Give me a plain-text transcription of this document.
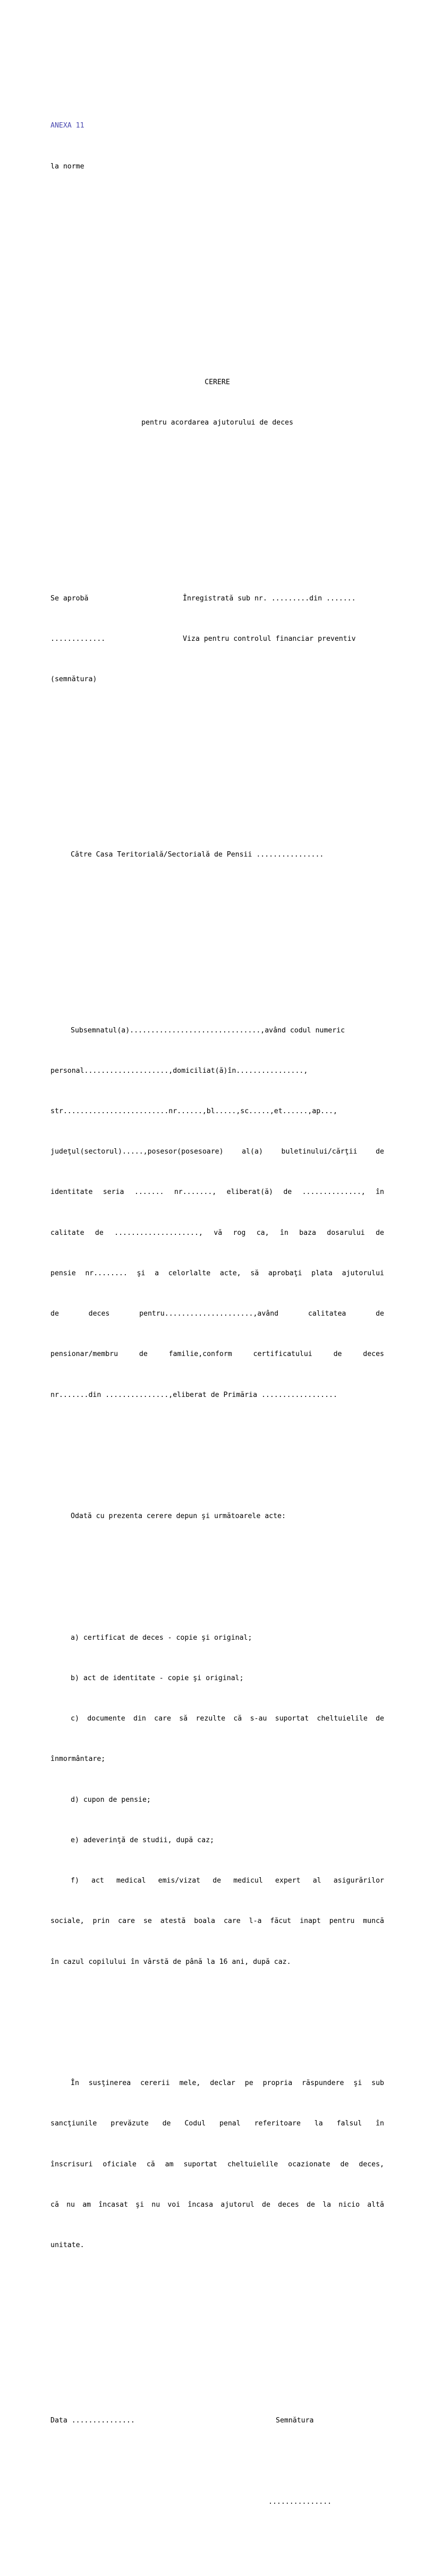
ANEXA 11

la norme

CERERE

pentru acordarea ajutorului de deces

Se aprobă

	Înregistrată sub nr. .........din .......

.............

	Viza pentru controlul financiar preventiv

(semnătura)

Către Casa Teritorială/Sectorială de Pensii ................

Subsemnatul(a)...............................,având codul numeric

personal....................,domiciliat(ă)în................,

str.........................nr......,bl.....,sc.....,et......,ap...,

judeţul(sectorul).....,posesor(posesoare) al(a) buletinului/cărţii de

identitate seria ....... nr......., eliberat(ă) de .............., în

calitate de ...................., vă rog ca, în baza dosarului de

pensie nr........ şi a celorlalte acte, să aprobaţi plata ajutorului

de deces pentru.....................,având calitatea de

pensionar/membru de familie,conform certificatului de deces

nr.......din ...............,eliberat de Primăria ..................

Odată cu prezenta cerere depun şi următoarele acte:

a) certificat de deces - copie şi original;

b) act de identitate - copie şi original;

c) documente din care să rezulte că s-au suportat cheltuielile de

înmormântare;

d) cupon de pensie;

e) adeverinţă de studii, după caz;

f) act medical emis/vizat de medicul expert al asigurărilor

sociale, prin care se atestă boala care l-a făcut inapt pentru muncă

în cazul copilului în vârstă de până la 16 ani, după caz.

În susţinerea cererii mele, declar pe propria răspundere şi sub

sancţiunile prevăzute de Codul penal referitoare la falsul în

înscrisuri oficiale că am suportat cheltuielile ocazionate de deces,

că nu am încasat şi nu voi încasa ajutorul de deces de la nicio altă

unitate.

Data ...............

	Semnătura

...............
